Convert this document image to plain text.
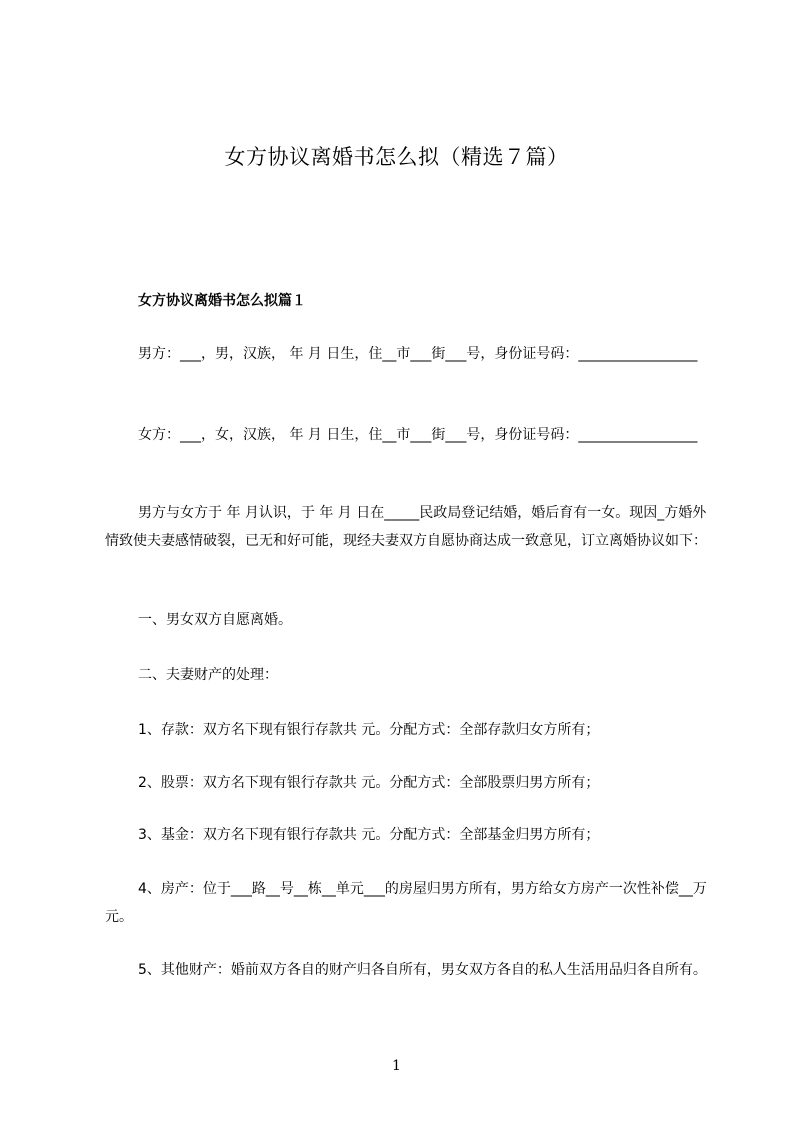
女方协议离婚书怎么拟（精选７篇）
女方协议离婚书怎么拟篇１

男方：___，男，汉族， 年 月 日生，住__市___街___号，身份证号码：_________________

女方：___，女，汉族， 年 月 日生，住__市___街___号，身份证号码：_________________

男方与女方于 年 月认识，于 年 月 日在_____民政局登记结婚，婚后育有一女。现因_方婚外情致使夫妻感情破裂，已无和好可能，现经夫妻双方自愿协商达成一致意见，订立离婚协议如下：

一、男女双方自愿离婚。

二、夫妻财产的处理：

1、存款：双方名下现有银行存款共 元。分配方式：全部存款归女方所有；

2、股票：双方名下现有银行存款共 元。分配方式：全部股票归男方所有；

3、基金：双方名下现有银行存款共 元。分配方式：全部基金归男方所有；

4、房产：位于___路__号__栋__单元___的房屋归男方所有，男方给女方房产一次性补偿__万元。

5、其他财产：婚前双方各自的财产归各自所有，男女双方各自的私人生活用品归各自所有。

1
